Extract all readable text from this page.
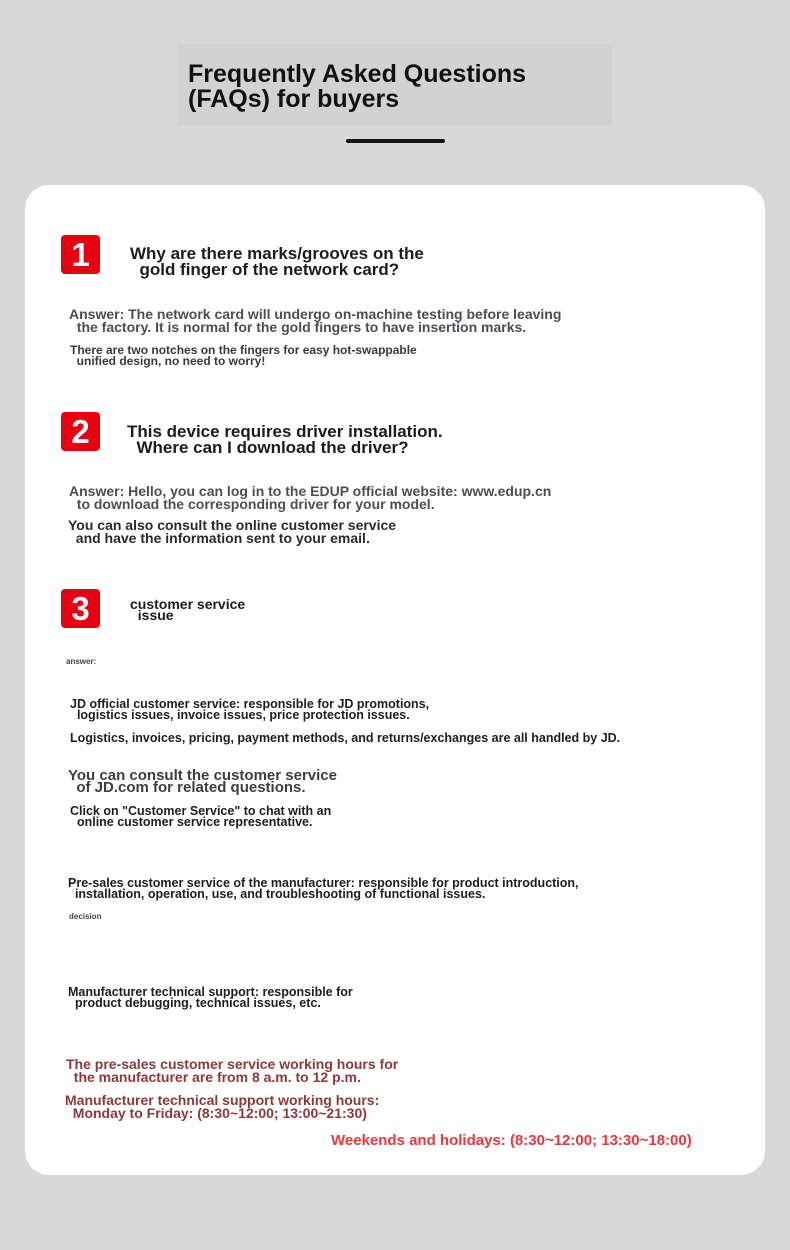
Frequently Asked Questions
(FAQs) for buyers
1	Why are there marks/grooves on the
gold finger of the network card?

Answer: The network card will undergo on-machine testing before leaving
the factory. It is normal for the gold fingers to have insertion marks.

There are two notches on the fingers for easy hot-swappable
unified design, no need to worry!

2	This device requires driver installation.
Where can I download the driver?

Answer: Hello, you can log in to the EDUP official website: www.edup.cn
to download the corresponding driver for your model.

You can also consult the online customer service
and have the information sent to your email.

3	customer service
issue

answer:

JD official customer service: responsible for JD promotions,
logistics issues, invoice issues, price protection issues.

Logistics, invoices, pricing, payment methods, and returns/exchanges are all handled by JD.

You can consult the customer service
of JD.com for related questions.

Click on "Customer Service" to chat with an
online customer service representative.

Pre-sales customer service of the manufacturer: responsible for product introduction,
installation, operation, use, and troubleshooting of functional issues.

decision

Manufacturer technical support: responsible for
product debugging, technical issues, etc.

The pre-sales customer service working hours for
the manufacturer are from 8 a.m. to 12 p.m.

Manufacturer technical support working hours:
Monday to Friday: (8:30~12:00; 13:00~21:30)

Weekends and holidays: (8:30~12:00; 13:30~18:00)
